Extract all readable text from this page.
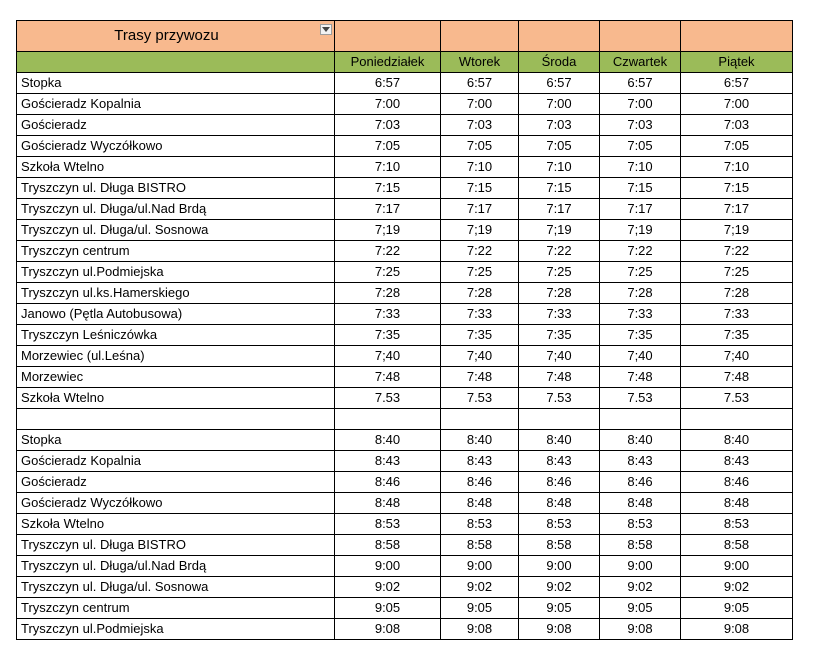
Trasy przywozu

	Poniedziałek	Wtorek	Środa	Czwartek	Piątek
Stopka	6:57	6:57	6:57	6:57	6:57
Gościeradz Kopalnia	7:00	7:00	7:00	7:00	7:00
Gościeradz	7:03	7:03	7:03	7:03	7:03
Gościeradz Wyczółkowo	7:05	7:05	7:05	7:05	7:05
Szkoła Wtelno	7:10	7:10	7:10	7:10	7:10
Tryszczyn ul. Długa BISTRO	7:15	7:15	7:15	7:15	7:15
Tryszczyn ul. Długa/ul.Nad Brdą	7:17	7:17	7:17	7:17	7:17
Tryszczyn ul. Długa/ul. Sosnowa	7;19	7;19	7;19	7;19	7;19
Tryszczyn centrum	7:22	7:22	7:22	7:22	7:22
Tryszczyn ul.Podmiejska	7:25	7:25	7:25	7:25	7:25
Tryszczyn ul.ks.Hamerskiego	7:28	7:28	7:28	7:28	7:28
Janowo (Pętla Autobusowa)	7:33	7:33	7:33	7:33	7:33
Tryszczyn Leśniczówka	7:35	7:35	7:35	7:35	7:35
Morzewiec (ul.Leśna)	7;40	7;40	7;40	7;40	7;40
Morzewiec	7:48	7:48	7:48	7:48	7:48
Szkoła Wtelno	7.53	7.53	7.53	7.53	7.53

Stopka	8:40	8:40	8:40	8:40	8:40
Gościeradz Kopalnia	8:43	8:43	8:43	8:43	8:43
Gościeradz	8:46	8:46	8:46	8:46	8:46
Gościeradz Wyczółkowo	8:48	8:48	8:48	8:48	8:48
Szkoła Wtelno	8:53	8:53	8:53	8:53	8:53
Tryszczyn ul. Długa BISTRO	8:58	8:58	8:58	8:58	8:58
Tryszczyn ul. Długa/ul.Nad Brdą	9:00	9:00	9:00	9:00	9:00
Tryszczyn ul. Długa/ul. Sosnowa	9:02	9:02	9:02	9:02	9:02
Tryszczyn centrum	9:05	9:05	9:05	9:05	9:05
Tryszczyn ul.Podmiejska	9:08	9:08	9:08	9:08	9:08
